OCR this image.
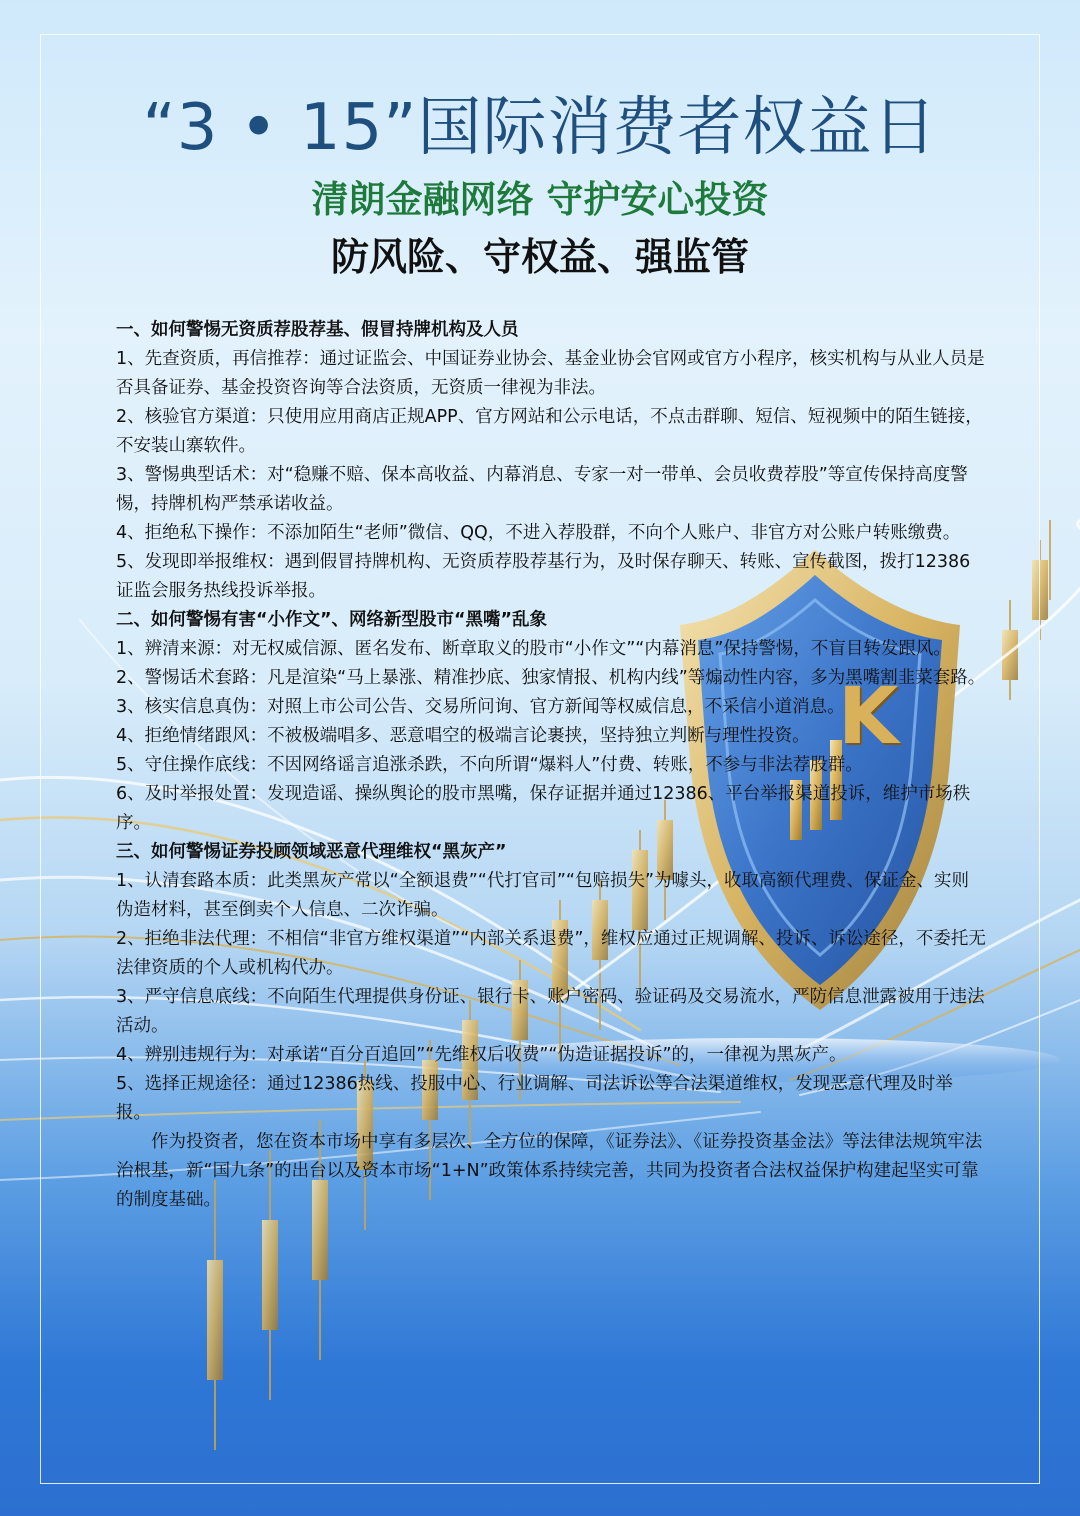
K
“3 • 15”国际消费者权益日
清朗金融网络 守护安心投资
防风险、守权益、强监管

一、如何警惕无资质荐股荐基、假冒持牌机构及人员

1、先查资质，再信推荐：通过证监会、中国证券业协会、基金业协会官网或官方小程序，核实机构与从业人员是否具备证券、基金投资咨询等合法资质，无资质一律视为非法。

2、核验官方渠道：只使用应用商店正规APP、官方网站和公示电话，不点击群聊、短信、短视频中的陌生链接，不安装山寨软件。

3、警惕典型话术：对“稳赚不赔、保本高收益、内幕消息、专家一对一带单、会员收费荐股”等宣传保持高度警惕，持牌机构严禁承诺收益。

4、拒绝私下操作：不添加陌生“老师”微信、QQ，不进入荐股群，不向个人账户、非官方对公账户转账缴费。

5、发现即举报维权：遇到假冒持牌机构、无资质荐股荐基行为，及时保存聊天、转账、宣传截图，拨打12386证监会服务热线投诉举报。

二、如何警惕有害“小作文”、网络新型股市“黑嘴”乱象

1、辨清来源：对无权威信源、匿名发布、断章取义的股市“小作文”“内幕消息”保持警惕，不盲目转发跟风。

2、警惕话术套路：凡是渲染“马上暴涨、精准抄底、独家情报、机构内线”等煽动性内容，多为黑嘴割韭菜套路。

3、核实信息真伪：对照上市公司公告、交易所问询、官方新闻等权威信息，不采信小道消息。

4、拒绝情绪跟风：不被极端唱多、恶意唱空的极端言论裹挟，坚持独立判断与理性投资。

5、守住操作底线：不因网络谣言追涨杀跌，不向所谓“爆料人”付费、转账，不参与非法荐股群。

6、及时举报处置：发现造谣、操纵舆论的股市黑嘴，保存证据并通过12386、平台举报渠道投诉，维护市场秩序。

三、如何警惕证券投顾领域恶意代理维权“黑灰产”

1、认清套路本质：此类黑灰产常以“全额退费”“代打官司”“包赔损失”为噱头，收取高额代理费、保证金、实则伪造材料，甚至倒卖个人信息、二次诈骗。

2、拒绝非法代理：不相信“非官方维权渠道”“内部关系退费”，维权应通过正规调解、投诉、诉讼途径，不委托无法律资质的个人或机构代办。

3、严守信息底线：不向陌生代理提供身份证、银行卡、账户密码、验证码及交易流水，严防信息泄露被用于违法活动。

4、辨别违规行为：对承诺“百分百追回”“先维权后收费”“伪造证据投诉”的，一律视为黑灰产。

5、选择正规途径：通过12386热线、投服中心、行业调解、司法诉讼等合法渠道维权，发现恶意代理及时举报。

作为投资者，您在资本市场中享有多层次、全方位的保障，《证券法》、《证券投资基金法》等法律法规筑牢法治根基，新“国九条”的出台以及资本市场“1+N”政策体系持续完善，共同为投资者合法权益保护构建起坚实可靠的制度基础。
